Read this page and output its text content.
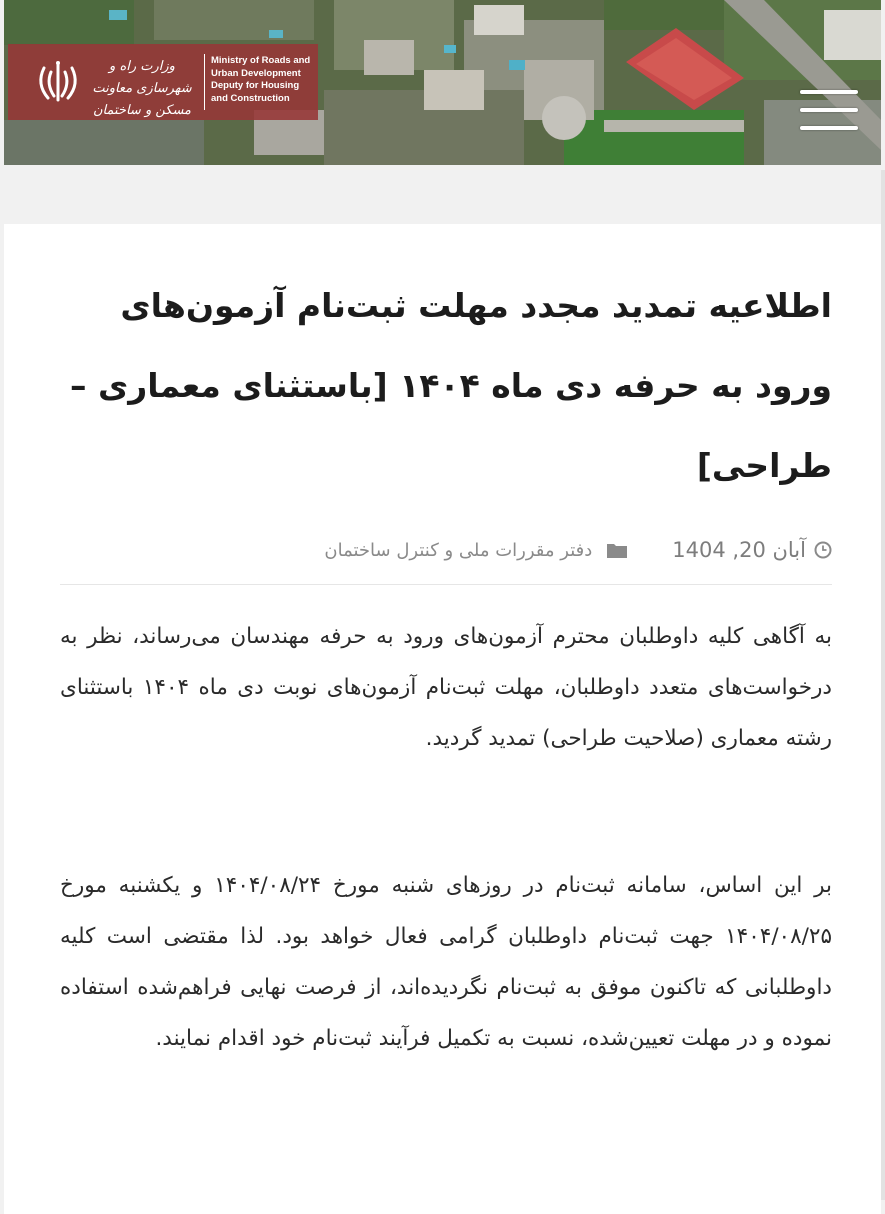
وزارت راه و شهرسازی معاونت مسکن و ساختمان
Ministry of Roads and
Urban Development
Deputy for Housing
and Construction
اطلاعیه تمدید مجدد مهلت ثبت‌نام آزمون‌های ورود به حرفه دی ماه ۱۴۰۴ [باستثنای معماری – طراحی]
آبان 20, 1404
دفتر مقررات ملی و کنترل ساختمان

به آگاهی کلیه داوطلبان محترم آزمون‌های ورود به حرفه مهندسان می‌رساند، نظر به درخواست‌های متعدد داوطلبان، مهلت ثبت‌نام آزمون‌های نوبت دی ماه ۱۴۰۴ باستثنای رشته معماری (صلاحیت طراحی) تمدید گردید.

بر این اساس، سامانه ثبت‌نام در روزهای شنبه مورخ ۱۴۰۴/۰۸/۲۴ و یکشنبه مورخ ۱۴۰۴/۰۸/۲۵ جهت ثبت‌نام داوطلبان گرامی فعال خواهد بود. لذا مقتضی است کلیه داوطلبانی که تاکنون موفق به ثبت‌نام نگردیده‌اند، از فرصت نهایی فراهم‌شده استفاده نموده و در مهلت تعیین‌شده، نسبت به تکمیل فرآیند ثبت‌نام خود اقدام نمایند.
